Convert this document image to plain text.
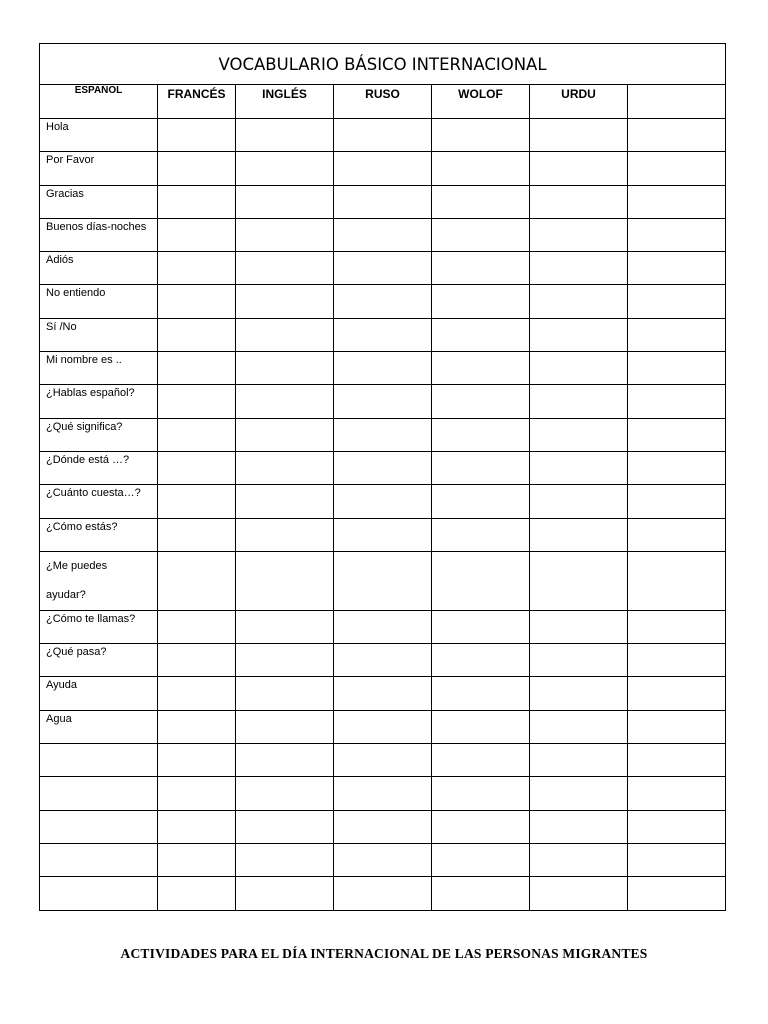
VOCABULARIO BÁSICO INTERNACIONAL						
ESPAÑOL	FRANCÉS	INGLÉS	RUSO	WOLOF	URDU	
Hola						
Por Favor						
Gracias						
Buenos días-noches						
Adiós						
No entiendo						
Sí /No						
Mi nombre es ..						
¿Hablas español?						
¿Qué significa?						
¿Dónde está …?						
¿Cuánto cuesta…?						
¿Cómo estás?						

¿Me puedes
ayudar?						

¿Cómo te llamas?						
¿Qué pasa?						
Ayuda						
Agua						

ACTIVIDADES PARA EL DÍA INTERNACIONAL DE LAS PERSONAS MIGRANTES
